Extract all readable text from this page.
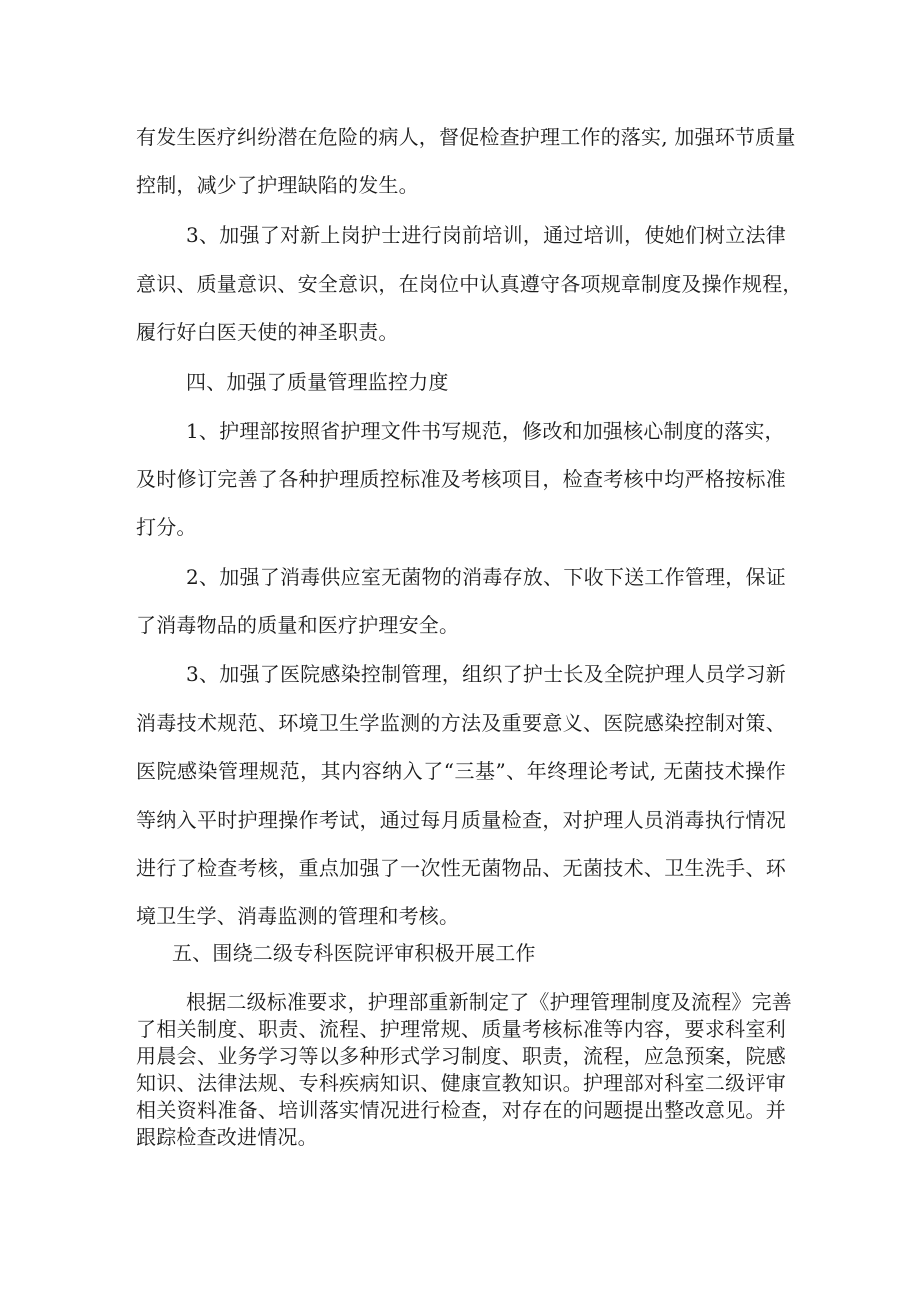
有发生医疗纠纷潜在危险的病人，督促检查护理工作的落实, 加强环节质量
控制，减少了护理缺陷的发生。
3、加强了对新上岗护士进行岗前培训，通过培训，使她们树立法律
意识、质量意识、安全意识，在岗位中认真遵守各项规章制度及操作规程，
履行好白医天使的神圣职责。
四、加强了质量管理监控力度
1、护理部按照省护理文件书写规范，修改和加强核心制度的落实，
及时修订完善了各种护理质控标准及考核项目，检查考核中均严格按标准
打分。
2、加强了消毒供应室无菌物的消毒存放、下收下送工作管理，保证
了消毒物品的质量和医疗护理安全。
3、加强了医院感染控制管理，组织了护士长及全院护理人员学习新
消毒技术规范、环境卫生学监测的方法及重要意义、医院感染控制对策、
医院感染管理规范，其内容纳入了“三基”、年终理论考试, 无菌技术操作
等纳入平时护理操作考试，通过每月质量检查，对护理人员消毒执行情况
进行了检查考核，重点加强了一次性无菌物品、无菌技术、卫生洗手、环
境卫生学、消毒监测的管理和考核。
五、围绕二级专科医院评审积极开展工作
根据二级标准要求，护理部重新制定了《护理管理制度及流程》完善
了相关制度、职责、流程、护理常规、质量考核标准等内容，要求科室利
用晨会、业务学习等以多种形式学习制度、职责，流程，应急预案，院感
知识、法律法规、专科疾病知识、健康宣教知识。护理部对科室二级评审
相关资料准备、培训落实情况进行检查，对存在的问题提出整改意见。并
跟踪检查改进情况。
